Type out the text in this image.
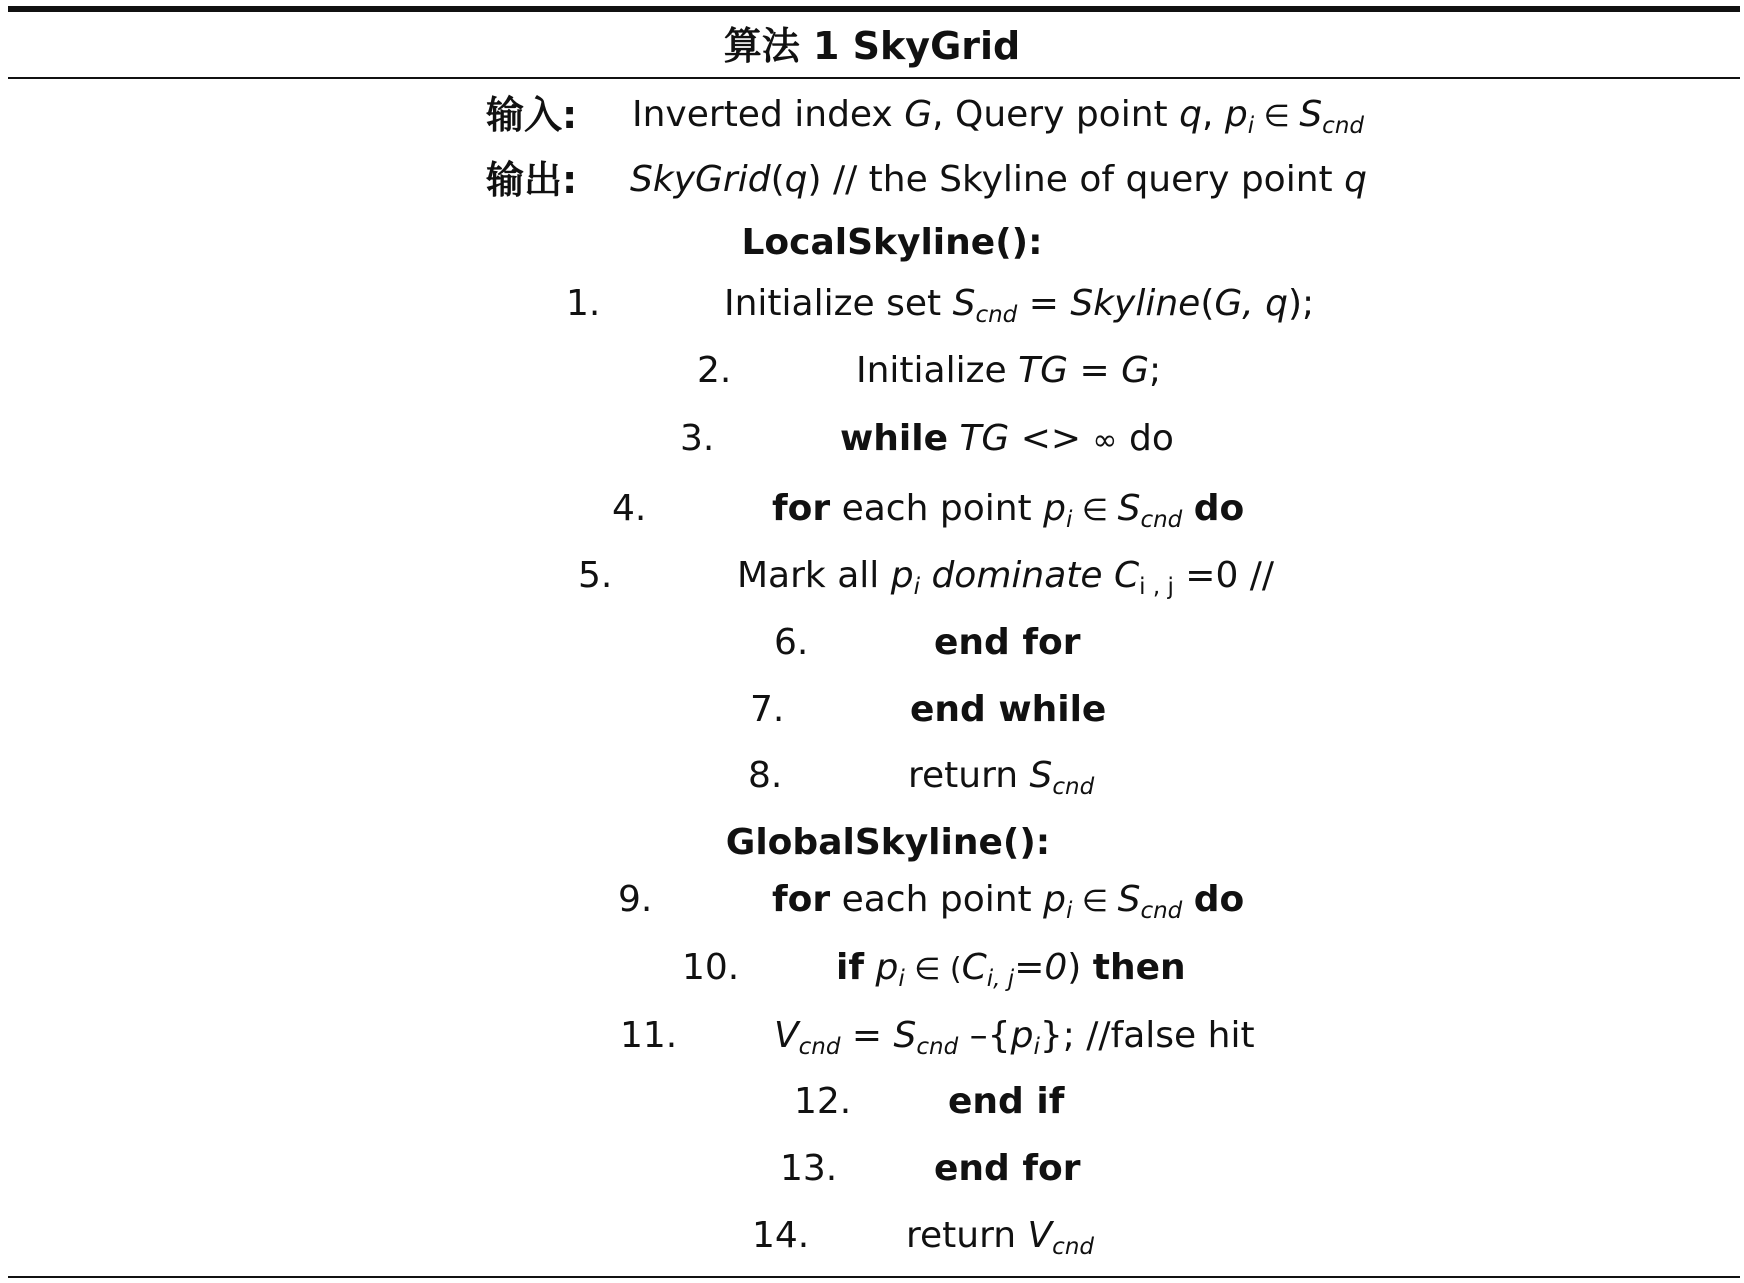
算法 1 SkyGrid
输入: Inverted index G, Query point q, $p_i$ ∈ $S_{cnd}$
输出: SkyGrid(q) // the Skyline of query point q
LocalSkyline():
1.	Initialize set $S_{cnd}$ = Skyline(G, q);
2.	Initialize TG = G;
3.	while TG <> ∞ do
4.	for each point $p_i$ ∈ $S_{cnd}$ do
5.	Mark all $p_i$ dominate $C_{i , j} =0$ //
6.	end for
7.	end while
8.	return $S_{cnd}$
GlobalSkyline():
9.	for each point $p_i$ ∈ $S_{cnd}$ do
10.	if $p_i$ ∈ $(C_{i, j}=0)$ then
11.	$V_{cnd} = S_{cnd}$ $-\{p_i\}$; //false hit
12.	end if
13.	end for
14.	return $V_{cnd}$
